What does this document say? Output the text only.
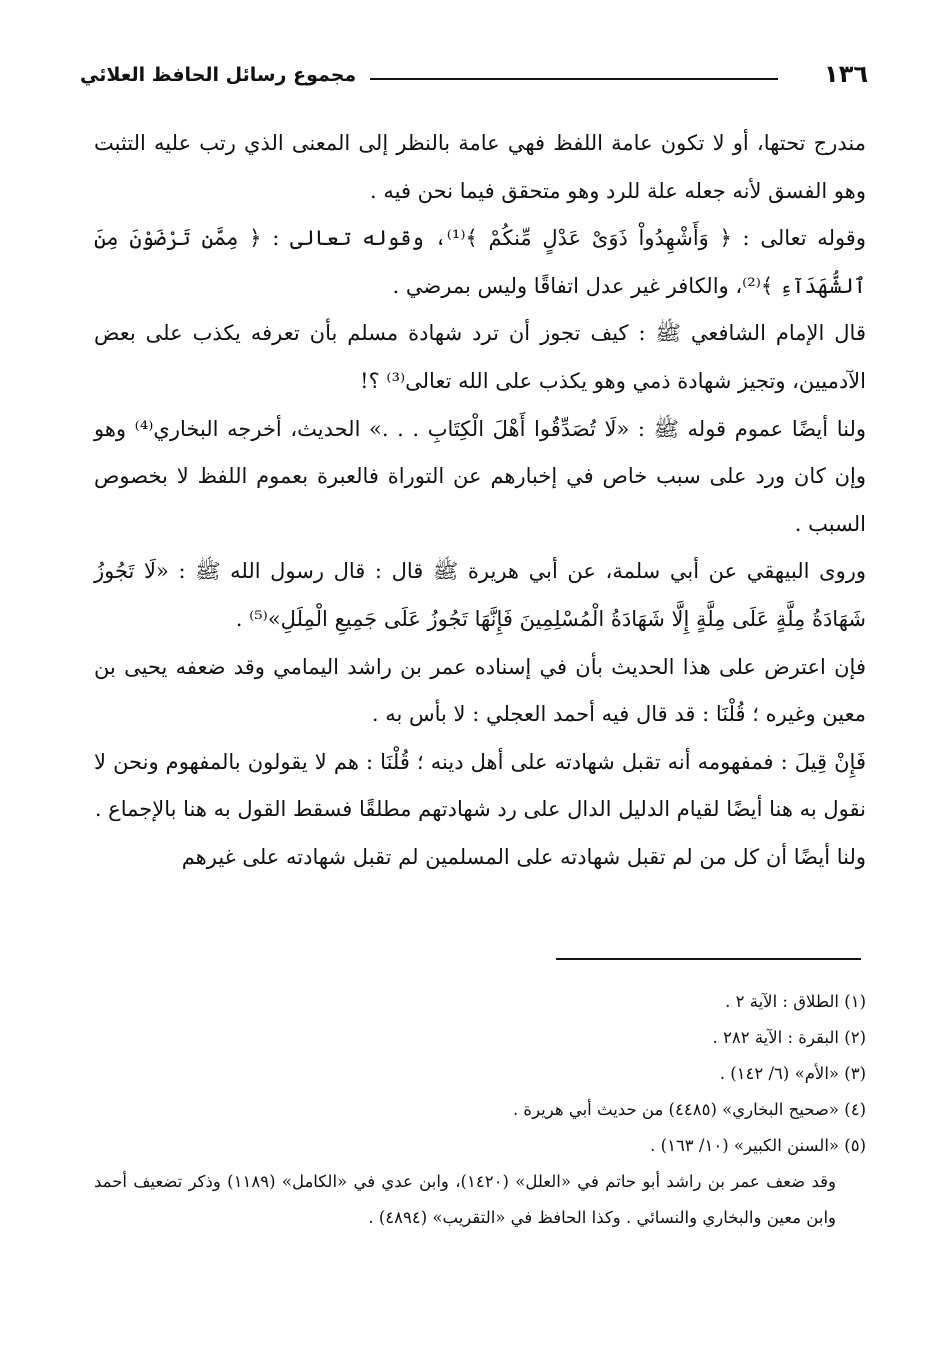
مجموع رسائل الحافظ العلائي	١٣٦

مندرج تحتها، أو لا تكون عامة اللفظ فهي عامة بالنظر إلى المعنى الذي رتب عليه التثبت وهو الفسق لأنه جعله علة للرد وهو متحقق فيما نحن فيه .

وقوله تعالى : ﴿ وَأَشْهِدُواْ ذَوَىْ عَدْلٍ مِّنكُمْ ﴾⁽¹⁾، وقوله تعالى : ﴿ مِمَّن تَرْضَوْنَ مِنَ ٱلشُّهَدَآءِ ﴾⁽²⁾، والكافر غير عدل اتفاقًا وليس بمرضي .

قال الإمام الشافعي ﷺ : كيف تجوز أن ترد شهادة مسلم بأن تعرفه يكذب على بعض الآدميين، وتجيز شهادة ذمي وهو يكذب على الله تعالى⁽³⁾ ؟!

ولنا أيضًا عموم قوله ﷺ : «لَا تُصَدِّقُوا أَهْلَ الْكِتَابِ . . .» الحديث، أخرجه البخاري⁽⁴⁾ وهو وإن كان ورد على سبب خاص في إخبارهم عن التوراة فالعبرة بعموم اللفظ لا بخصوص السبب .

وروى البيهقي عن أبي سلمة، عن أبي هريرة ﷺ قال : قال رسول الله ﷺ : «لَا تَجُوزُ شَهَادَةُ مِلَّةٍ عَلَى مِلَّةٍ إِلَّا شَهَادَةُ الْمُسْلِمِينَ فَإِنَّهَا تَجُوزُ عَلَى جَمِيعِ الْمِلَلِ»⁽⁵⁾ .

فإن اعترض على هذا الحديث بأن في إسناده عمر بن راشد اليمامي وقد ضعفه يحيى بن معين وغيره ؛ قُلْنَا : قد قال فيه أحمد العجلي : لا بأس به .

فَإِنْ قِيلَ : فمفهومه أنه تقبل شهادته على أهل دينه ؛ قُلْنَا : هم لا يقولون بالمفهوم ونحن لا نقول به هنا أيضًا لقيام الدليل الدال على رد شهادتهم مطلقًا فسقط القول به هنا بالإجماع .

ولنا أيضًا أن كل من لم تقبل شهادته على المسلمين لم تقبل شهادته على غيرهم

(١) الطلاق : الآية ٢ .

(٢) البقرة : الآية ٢٨٢ .

(٣) «الأم» (٦/ ١٤٢) .

(٤) «صحيح البخاري» (٤٤٨٥) من حديث أبي هريرة .

(٥) «السنن الكبير» (١٠/ ١٦٣) .

وقد ضعف عمر بن راشد أبو حاتم في «العلل» (١٤٢٠)، وابن عدي في «الكامل» (١١٨٩) وذكر تضعيف أحمد وابن معين والبخاري والنسائي . وكذا الحافظ في «التقريب» (٤٨٩٤) .
